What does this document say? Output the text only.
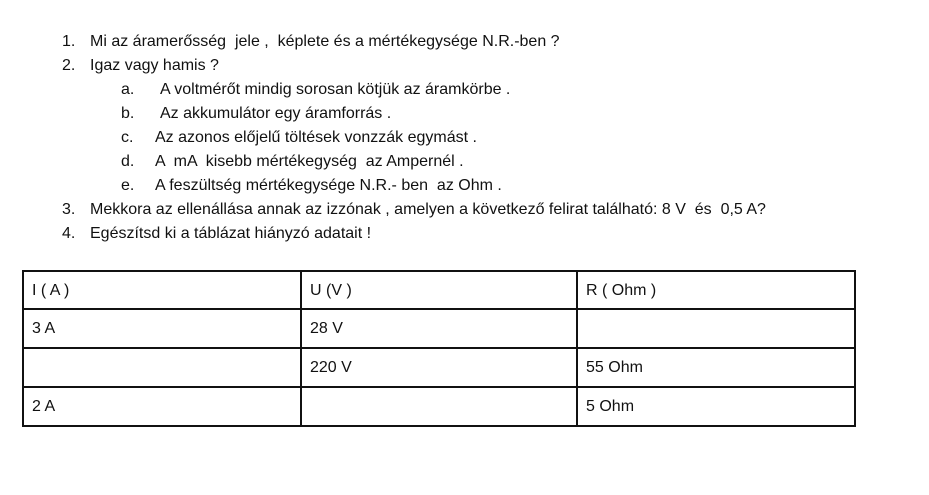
1. Mi az áramerősség  jele ,  képlete és a mértékegysége N.R.-ben ?
2. Igaz vagy hamis ?
a. A voltmérőt mindig sorosan kötjük az áramkörbe .
b. Az akkumulátor egy áramforrás .
c. Az azonos előjelű töltések vonzzák egymást .
d. A  mA  kisebb mértékegység  az Ampernél .
e. A feszültség mértékegysége N.R.- ben  az Ohm .
3. Mekkora az ellenállása annak az izzónak , amelyen a következő felirat található: 8 V  és  0,5 A?
4. Egészítsd ki a táblázat hiányzó adatait !
I ( A )	U (V )	R ( Ohm )
3 A	28 V	
	220 V	55 Ohm
2 A		5 Ohm
